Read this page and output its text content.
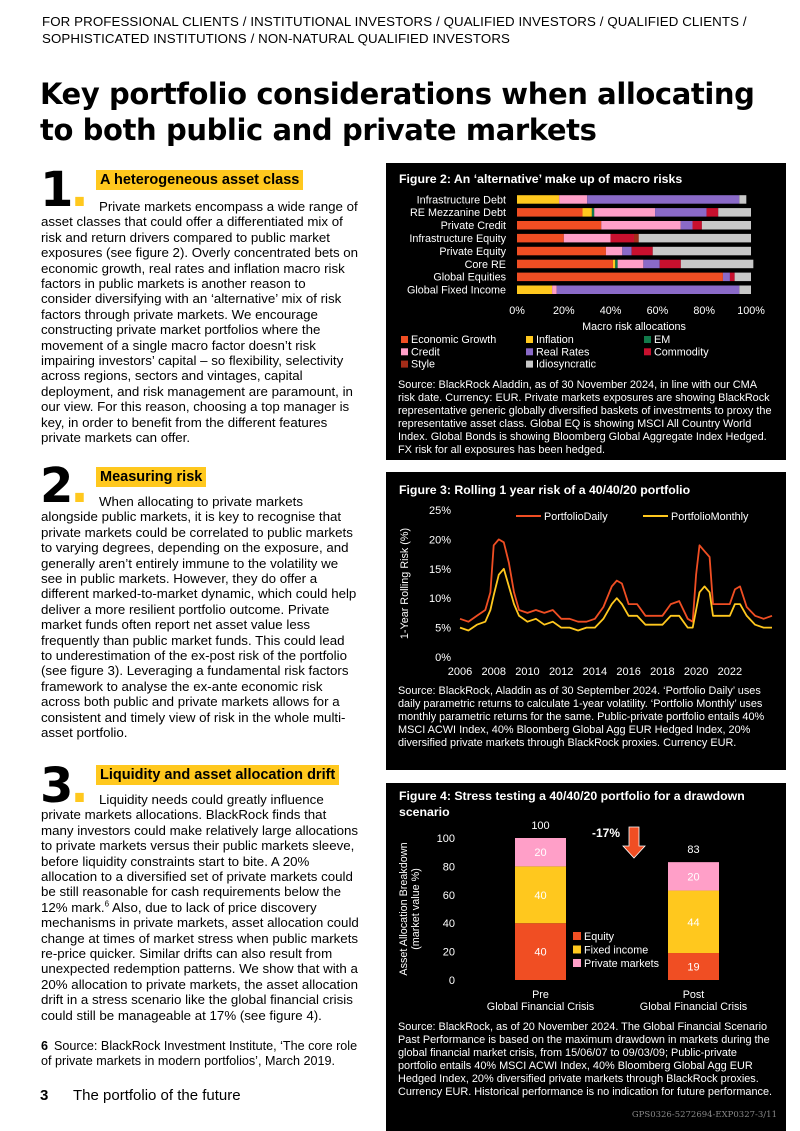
FOR PROFESSIONAL CLIENTS / INSTITUTIONAL INVESTORS / QUALIFIED INVESTORS / QUALIFIED CLIENTS / SOPHISTICATED INSTITUTIONS / NON-NATURAL QUALIFIED INVESTORS
Key portfolio considerations when allocating to both public and private markets
1. A heterogeneous asset class

Private markets encompass a wide range of asset classes that could offer a differentiated mix of risk and return drivers compared to public market exposures (see figure 2). Overly concentrated bets on economic growth, real rates and inflation macro risk factors in public markets is another reason to consider diversifying with an ‘alternative’ mix of risk factors through private markets. We encourage constructing private market portfolios where the movement of a single macro factor doesn’t risk impairing investors’ capital – so flexibility, selectivity across regions, sectors and vintages, capital deployment, and risk management are paramount, in our view. For this reason, choosing a top manager is key, in order to benefit from the different features private markets can offer.

2. Measuring risk

When allocating to private markets alongside public markets, it is key to recognise that private markets could be correlated to public markets to varying degrees, depending on the exposure, and generally aren’t entirely immune to the volatility we see in public markets. However, they do offer a different marked-to-market dynamic, which could help deliver a more resilient portfolio outcome. Private market funds often report net asset value less frequently than public market funds. This could lead to underestimation of the ex-post risk of the portfolio (see figure 3). Leveraging a fundamental risk factors framework to analyse the ex-ante economic risk across both public and private markets allows for a consistent and timely view of risk in the whole multi-asset portfolio.

3. Liquidity and asset allocation drift

Liquidity needs could greatly influence private markets allocations. BlackRock finds that many investors could make relatively large allocations to private markets versus their public markets sleeve, before liquidity constraints start to bite. A 20% allocation to a diversified set of private markets could be still reasonable for cash requirements below the 12% mark.$^6$ Also, due to lack of price discovery mechanisms in private markets, asset allocation could change at times of market stress when public markets re-price quicker. Similar drifts can also result from unexpected redemption patterns. We show that with a 20% allocation to private markets, the asset allocation drift in a stress scenario like the global financial crisis could still be manageable at 17% (see figure 4).

6 Source: BlackRock Investment Institute, ‘The core role of private markets in modern portfolios’, March 2019.
3 The portfolio of the future
Figure 2: An ‘alternative’ make up of macro risks
Infrastructure Debt
RE Mezzanine Debt
Private Credit
Infrastructure Equity
Private Equity
Core RE
Global Equities
Global Fixed Income
0%	20% 40% 60% 80% 100%
Macro risk allocations
Economic Growth	Inflation	EM
Credit	Real Rates	Commodity
Style	Idiosyncratic
Source: BlackRock Aladdin, as of 30 November 2024, in line with our CMA risk date. Currency: EUR. Private markets exposures are showing BlackRock representative generic globally diversified baskets of investments to proxy the representative asset class. Global EQ is showing MSCI All Country World Index. Global Bonds is showing Bloomberg Global Aggregate Index Hedged. FX risk for all exposures has been hedged.
Figure 3: Rolling 1 year risk of a 40/40/20 portfolio
0%
5%
10%
15%
20%
25%
2006 2008 2010 2012 2014 2016 2018 2020 2022
1-Year Rolling Risk (%)
PortfolioDaily	PortfolioMonthly
Source: BlackRock, Aladdin as of 30 September 2024. ‘Portfolio Daily’ uses daily parametric returns to calculate 1-year volatility. ‘Portfolio Monthly’ uses monthly parametric returns for the same. Public-private portfolio entails 40% MSCI ACWI Index, 40% Bloomberg Global Agg EUR Hedged Index, 20% diversified private markets through BlackRock proxies. Currency EUR.
Figure 4: Stress testing a 40/40/20 portfolio for a drawdown scenario
0
20
40
60
80
100
Asset Allocation Breakdown (market value %)
40
40
20
100
Pre
Global Financial Crisis
19
44
20
83
Post
Global Financial Crisis
-17%
Equity
Fixed income
Private markets
Source: BlackRock, as of 20 November 2024. The Global Financial Scenario Past Performance is based on the maximum drawdown in markets during the global financial market crisis, from 15/06/07 to 09/03/09; Public-private portfolio entails 40% MSCI ACWI Index, 40% Bloomberg Global Agg EUR Hedged Index, 20% diversified private markets through BlackRock proxies. Currency EUR. Historical performance is no indication for future performance.
GPS0326-5272694-EXP0327-3/11
